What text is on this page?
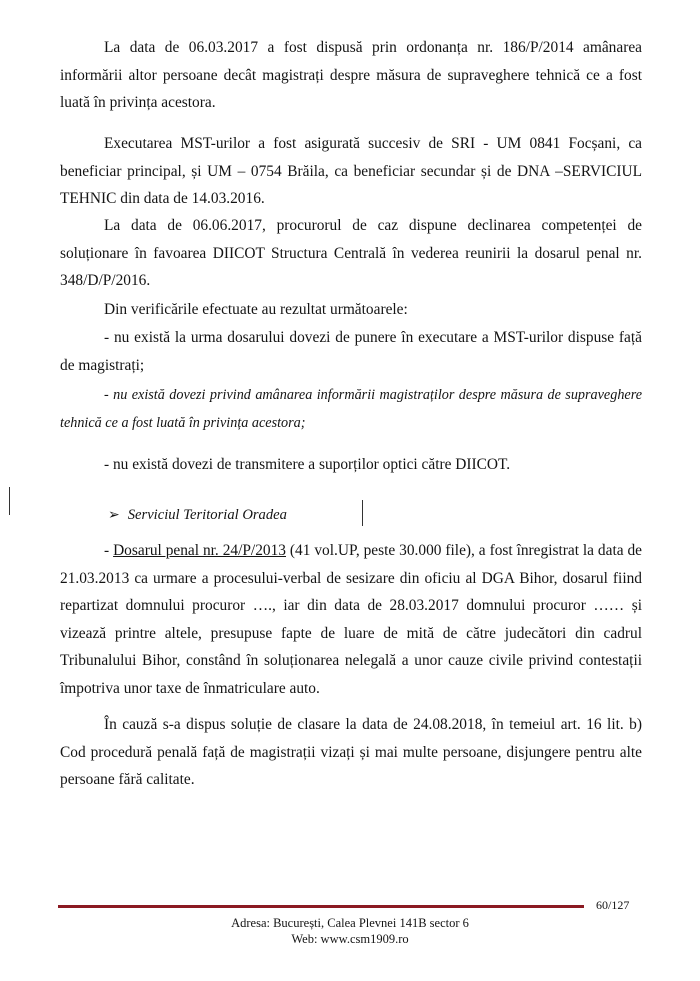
La data de 06.03.2017 a fost dispusă prin ordonanța nr. 186/P/2014 amânarea informării altor persoane decât magistrați despre măsura de supraveghere tehnică ce a fost luată în privința acestora.

Executarea MST-urilor a fost asigurată succesiv de SRI - UM 0841 Focșani, ca beneficiar principal, și UM – 0754 Brăila, ca beneficiar secundar și de DNA –SERVICIUL TEHNIC din data de 14.03.2016.

La data de 06.06.2017, procurorul de caz dispune declinarea competenței de soluționare în favoarea DIICOT Structura Centrală în vederea reunirii la dosarul penal nr. 348/D/P/2016.

Din verificările efectuate au rezultat următoarele:

- nu există la urma dosarului dovezi de punere în executare a MST-urilor dispuse față de magistrați;

- nu există dovezi privind amânarea informării magistraților despre măsura de supraveghere tehnică ce a fost luată în privința acestora;

- nu există dovezi de transmitere a suporților optici către DIICOT.

➢ Serviciul Teritorial Oradea

- Dosarul penal nr. 24/P/2013 (41 vol.UP, peste 30.000 file), a fost înregistrat la data de 21.03.2013 ca urmare a procesului-verbal de sesizare din oficiu al DGA Bihor, dosarul fiind repartizat domnului procuror …., iar din data de 28.03.2017 domnului procuror …… și vizează printre altele, presupuse fapte de luare de mită de către judecători din cadrul Tribunalului Bihor, constând în soluționarea nelegală a unor cauze civile privind contestații împotriva unor taxe de înmatriculare auto.

În cauză s-a dispus soluție de clasare la data de 24.08.2018, în temeiul art. 16 lit. b) Cod procedură penală față de magistrații vizați și mai multe persoane, disjungere pentru alte persoane fără calitate.

60/127

Adresa: București, Calea Plevnei 141B sector 6

Web: www.csm1909.ro
